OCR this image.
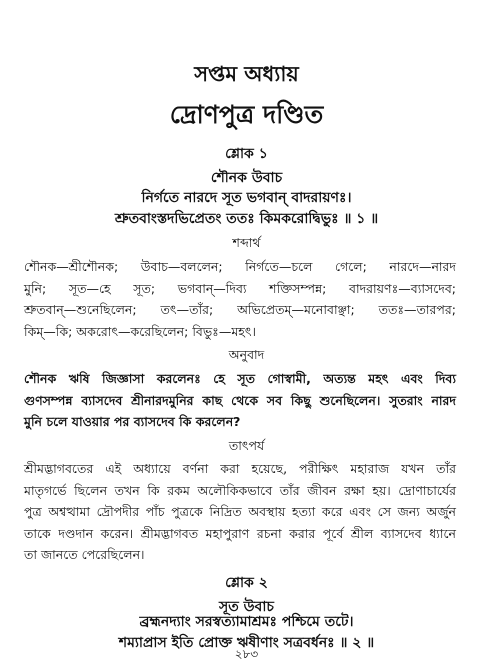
সপ্তম অধ্যায়
দ্রোণপুত্র দণ্ডিত
শ্লোক ১
শৌনক উবাচ
নির্গতে নারদে সূত ভগবান্ বাদরায়ণঃ।
শ্রুতবাংস্তদভিপ্রেতং ততঃ কিমকরোদ্বিভুঃ ॥ ১ ॥
শব্দার্থ
শৌনক—শ্রীশৌনক; উবাচ—বললেন; নির্গতে—চলে গেলে; নারদে—নারদ
মুনি; সূত—হে সূত; ভগবান্—দিব্য শক্তিসম্পন্ন; বাদরায়ণঃ—ব্যাসদেব;
শ্রুতবান্—শুনেছিলেন; তৎ—তাঁর; অভিপ্রেতম্—মনোবাঞ্ছা; ততঃ—তারপর;
কিম্—কি; অকরোৎ—করেছিলেন; বিভুঃ—মহৎ।
অনুবাদ
শৌনক ঋষি জিজ্ঞাসা করলেনঃ হে সূত গোস্বামী, অত্যন্ত মহৎ এবং দিব্য
গুণসম্পন্ন ব্যাসদেব শ্রীনারদমুনির কাছ থেকে সব কিছু শুনেছিলেন। সুতরাং নারদ
মুনি চলে যাওয়ার পর ব্যাসদেব কি করলেন?
তাৎপর্য
শ্রীমদ্ভাগবতের এই অধ্যায়ে বর্ণনা করা হয়েছে, পরীক্ষিৎ মহারাজ যখন তাঁর
মাতৃগর্ভে ছিলেন তখন কি রকম অলৌকিকভাবে তাঁর জীবন রক্ষা হয়। দ্রোণাচার্যের
পুত্র অশ্বত্থামা দ্রৌপদীর পাঁচ পুত্রকে নিদ্রিত অবস্থায় হত্যা করে এবং সে জন্য অর্জুন
তাকে দণ্ডদান করেন। শ্রীমদ্ভাগবত মহাপুরাণ রচনা করার পূর্বে শ্রীল ব্যাসদেব ধ্যানে
তা জানতে পেরেছিলেন।
শ্লোক ২
সূত উবাচ
ব্রহ্মনদ্যাং সরস্বত্যামাশ্রমঃ পশ্চিমে তটে।
শম্যাপ্রাস ইতি প্রোক্ত ঋষীণাং সত্রবর্ধনঃ ॥ ২ ॥
২৮৩
